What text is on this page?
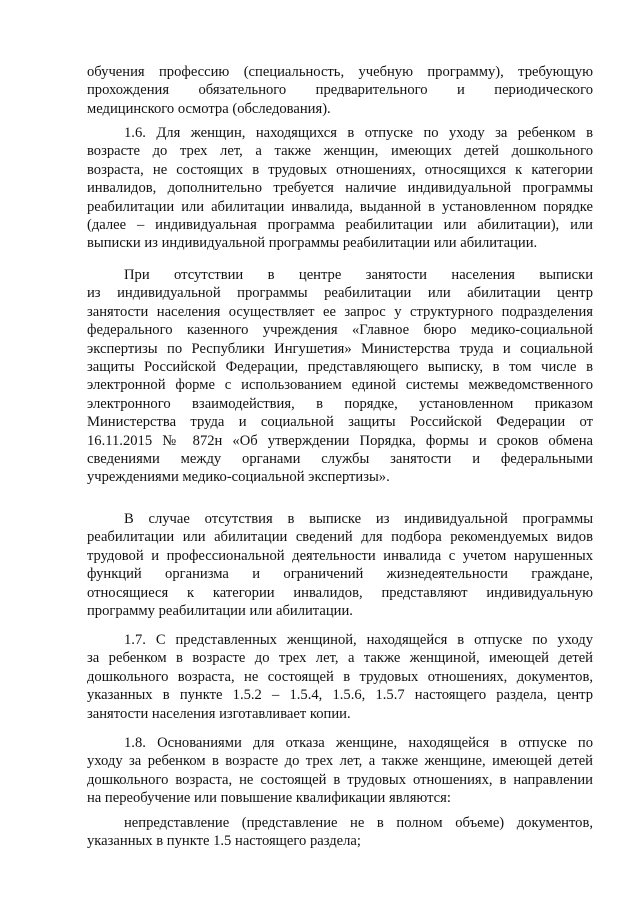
обучения профессию (специальность, учебную программу), требующую
прохождения обязательного предварительного и периодического
медицинского осмотра (обследования).
1.6. Для женщин, находящихся в отпуске по уходу за ребенком в
возрасте до трех лет, а также женщин, имеющих детей дошкольного
возраста, не состоящих в трудовых отношениях, относящихся к категории
инвалидов, дополнительно требуется наличие индивидуальной программы
реабилитации или абилитации инвалида, выданной в установленном порядке
(далее – индивидуальная программа реабилитации или абилитации), или
выписки из индивидуальной программы реабилитации или абилитации.
При отсутствии в центре занятости населения выписки
из индивидуальной программы реабилитации или абилитации центр
занятости населения осуществляет ее запрос у структурного подразделения
федерального казенного учреждения «Главное бюро медико-социальной
экспертизы по Республики Ингушетия» Министерства труда и социальной
защиты Российской Федерации, представляющего выписку, в том числе в
электронной форме с использованием единой системы межведомственного
электронного взаимодействия, в порядке, установленном приказом
Министерства труда и социальной защиты Российской Федерации от
16.11.2015 № 872н «Об утверждении Порядка, формы и сроков обмена
сведениями между органами службы занятости и федеральными
учреждениями медико-социальной экспертизы».
В случае отсутствия в выписке из индивидуальной программы
реабилитации или абилитации сведений для подбора рекомендуемых видов
трудовой и профессиональной деятельности инвалида с учетом нарушенных
функций организма и ограничений жизнедеятельности граждане,
относящиеся к категории инвалидов, представляют индивидуальную
программу реабилитации или абилитации.
1.7. С представленных женщиной, находящейся в отпуске по уходу
за ребенком в возрасте до трех лет, а также женщиной, имеющей детей
дошкольного возраста, не состоящей в трудовых отношениях, документов,
указанных в пункте 1.5.2 – 1.5.4, 1.5.6, 1.5.7 настоящего раздела, центр
занятости населения изготавливает копии.
1.8. Основаниями для отказа женщине, находящейся в отпуске по
уходу за ребенком в возрасте до трех лет, а также женщине, имеющей детей
дошкольного возраста, не состоящей в трудовых отношениях, в направлении
на переобучение или повышение квалификации являются:
непредставление (представление не в полном объеме) документов,
указанных в пункте 1.5 настоящего раздела;
